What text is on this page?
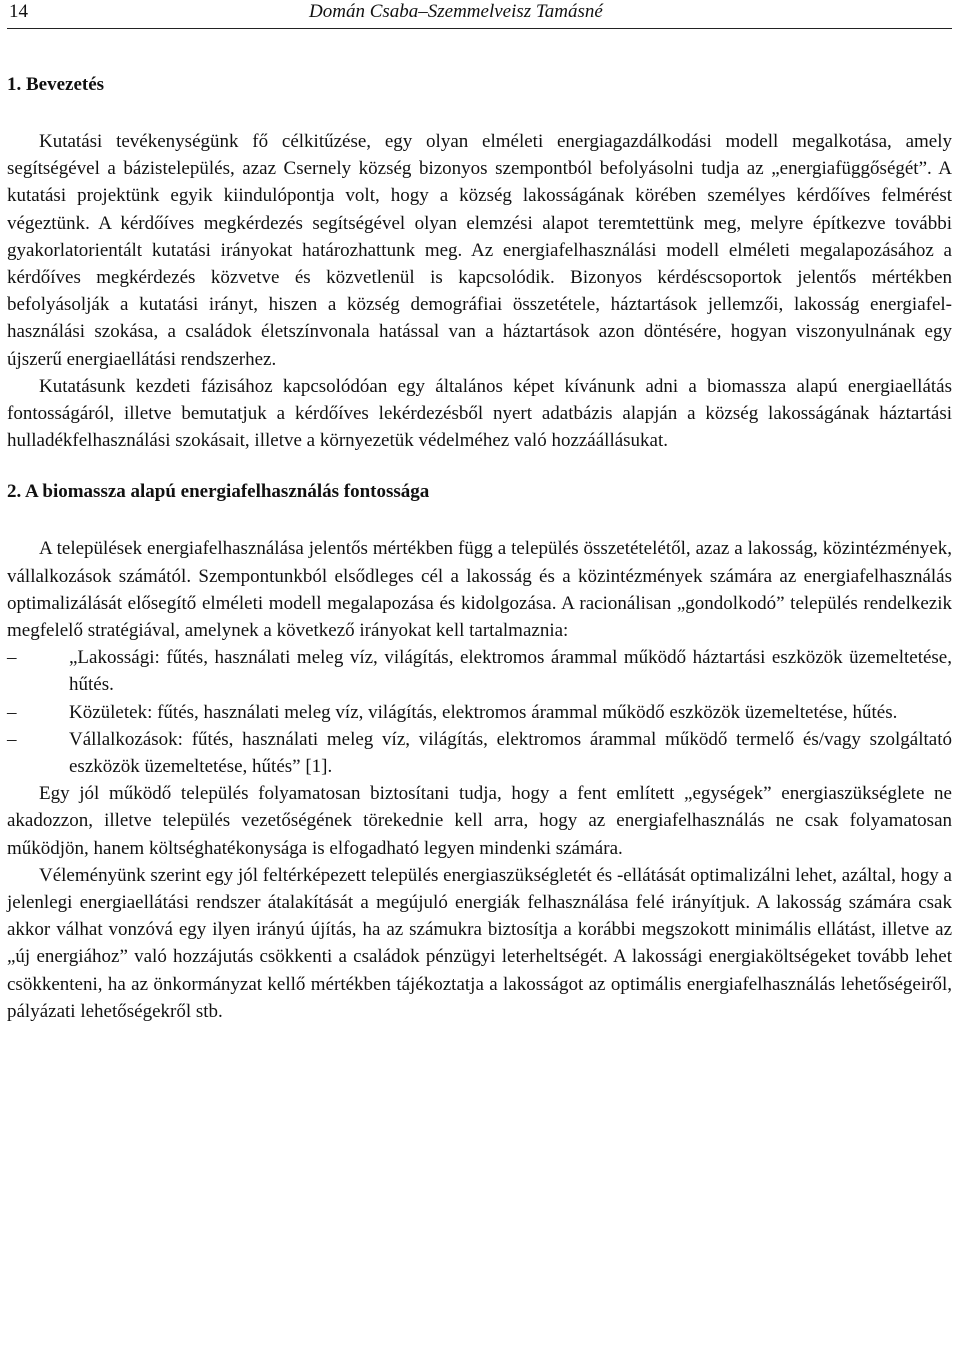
14	Domán Csaba–Szemmelveisz Tamásné
1. Bevezetés

Kutatási tevékenységünk fő célkitűzése, egy olyan elméleti energiagazdálkodási modell megalkotása, amely segítségével a bázistelepülés, azaz Csernely község bizonyos szempontból befolyásolni tudja az „energiafüggőségét”. A kutatási projektünk egyik kiindulópontja volt, hogy a község lakosságának körében személyes kérdőíves felmérést végeztünk. A kérdőíves megkérdezés segítségével olyan elemzési alapot teremtettünk meg, melyre építkezve további gyakorlatorientált kutatási irányokat határozhattunk meg. Az energiafelhasználási modell elméleti megalapozásához a kérdőíves megkérdezés közvetve és közvetlenül is kapcsolódik. Bizonyos kérdéscsoportok jelentős mértékben befolyásolják a kutatási irányt, hiszen a község demográfiai összetétele, háztartások jellemzői, lakosság energiafelhasználási szokása, a családok életszínvonala hatással van a háztartások azon döntésére, hogyan viszonyulnának egy újszerű energiaellátási rendszerhez.

Kutatásunk kezdeti fázisához kapcsolódóan egy általános képet kívánunk adni a biomassza alapú energiaellátás fontosságáról, illetve bemutatjuk a kérdőíves lekérdezésből nyert adatbázis alapján a község lakosságának háztartási hulladékfelhasználási szokásait, illetve a környezetük védelméhez való hozzáállásukat.

2. A biomassza alapú energiafelhasználás fontossága

A települések energiafelhasználása jelentős mértékben függ a település összetételétől, azaz a lakosság, közintézmények, vállalkozások számától. Szempontunkból elsődleges cél a lakosság és a közintézmények számára az energiafelhasználás optimalizálását elősegítő elméleti modell megalapozása és kidolgozása. A racionálisan „gondolkodó” település rendelkezik megfelelő stratégiával, amelynek a következő irányokat kell tartalmaznia:

–	„Lakossági: fűtés, használati meleg víz, világítás, elektromos árammal működő háztartási eszközök üzemeltetése, hűtés.
–	Közületek: fűtés, használati meleg víz, világítás, elektromos árammal működő eszközök üzemeltetése, hűtés.
–	Vállalkozások: fűtés, használati meleg víz, világítás, elektromos árammal működő termelő és/vagy szolgáltató eszközök üzemeltetése, hűtés” [1].

Egy jól működő település folyamatosan biztosítani tudja, hogy a fent említett „egységek” energiaszükséglete ne akadozzon, illetve település vezetőségének törekednie kell arra, hogy az energiafelhasználás ne csak folyamatosan működjön, hanem költséghatékonysága is elfogadható legyen mindenki számára.

Véleményünk szerint egy jól feltérképezett település energiaszükségletét és -ellátását optimalizálni lehet, azáltal, hogy a jelenlegi energiaellátási rendszer átalakítását a megújuló energiák felhasználása felé irányítjuk. A lakosság számára csak akkor válhat vonzóvá egy ilyen irányú újítás, ha az számukra biztosítja a korábbi megszokott minimális ellátást, illetve az „új energiához” való hozzájutás csökkenti a családok pénzügyi leterheltségét. A lakossági energiaköltségeket tovább lehet csökkenteni, ha az önkormányzat kellő mértékben tájékoztatja a lakosságot az optimális energiafelhasználás lehetőségeiről, pályázati lehetőségekről stb.
